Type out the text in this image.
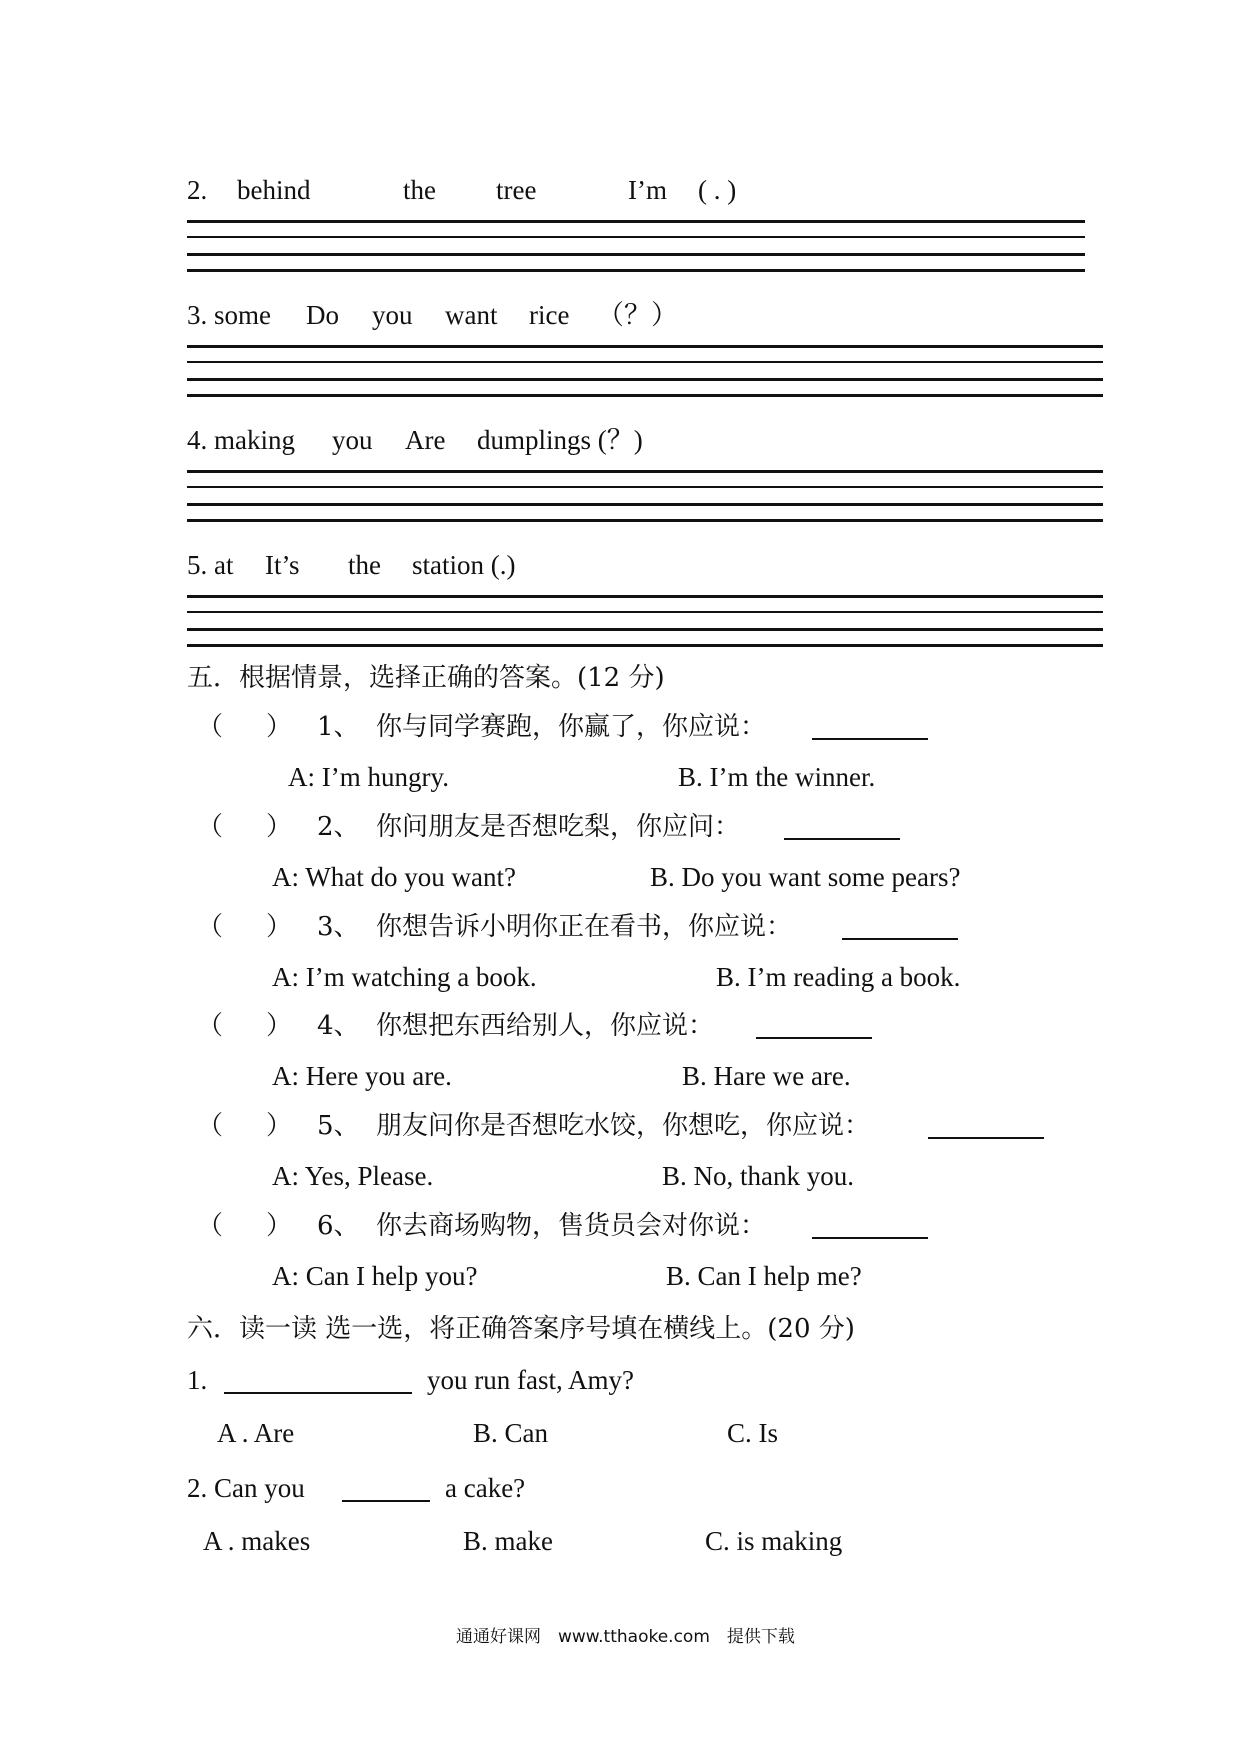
2. behind	the tree	I’m ( . )
3. some Do you want rice （？）
4. making you Are dumplings (？)
5. at It’s the station (.)
五．根据情景，选择正确的答案。(12 分)
（ ） 1、 你与同学赛跑，你赢了，你应说：
A: I’m hungry.	B. I’m the winner.
（ ） 2、 你问朋友是否想吃梨，你应问：
A: What do you want?	B. Do you want some pears?
（ ） 3、 你想告诉小明你正在看书，你应说：
A: I’m watching a book.	B. I’m reading a book.
（ ） 4、 你想把东西给别人，你应说：
A: Here you are.	B. Hare we are.
（ ） 5、 朋友问你是否想吃水饺，你想吃，你应说：
A: Yes, Please.	B. No, thank you.
（ ） 6、 你去商场购物，售货员会对你说：
A: Can I help you?	B. Can I help me?
六．读一读 选一选，将正确答案序号填在横线上。(20 分)
1.	you run fast, Amy?
A . Are	B. Can	C. Is
2. Can you	a cake?
A . makes	B. make	C. is making
通通好课网　www.tthaoke.com　提供下载
